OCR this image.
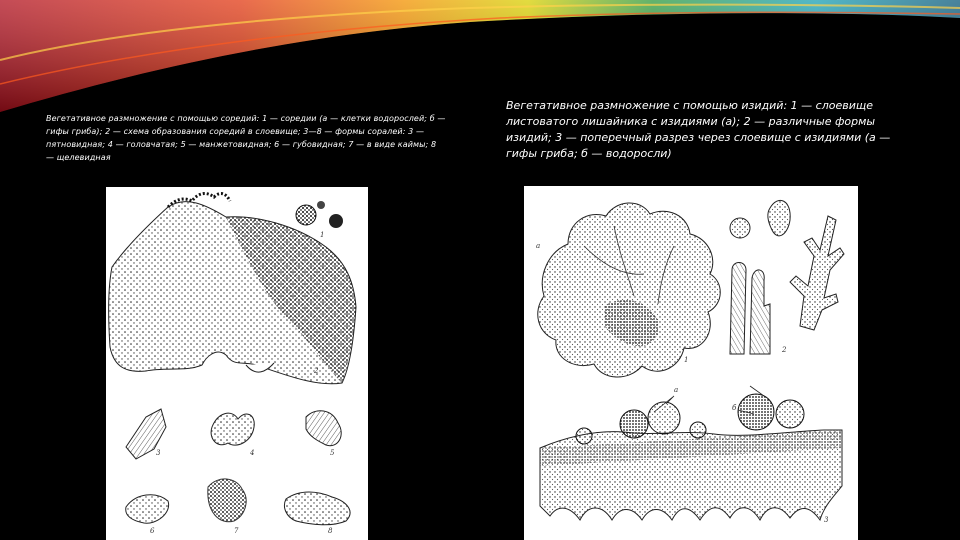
Вегетативное размножение с помощью соредий: 1 — соредии (а — клетки водорослей; б — гифы гриба); 2 — схема образования соредий в слоевище; 3—8 — формы соралей: 3 — пятновидная; 4 — головчатая; 5 — манжетовидная; 6 — губовидная; 7 — в виде каймы; 8 — щелевидная

Вегетативное размножение с помощью изидий: 1 — слоевище листоватого лишайника с изидиями (а); 2 — различные формы изидий; 3 — поперечный разрез через слоевище с изидиями (а — гифы гриба; б — водоросли)

1
2
3	4	5
6	7	8
а
1
2
а
б
3
